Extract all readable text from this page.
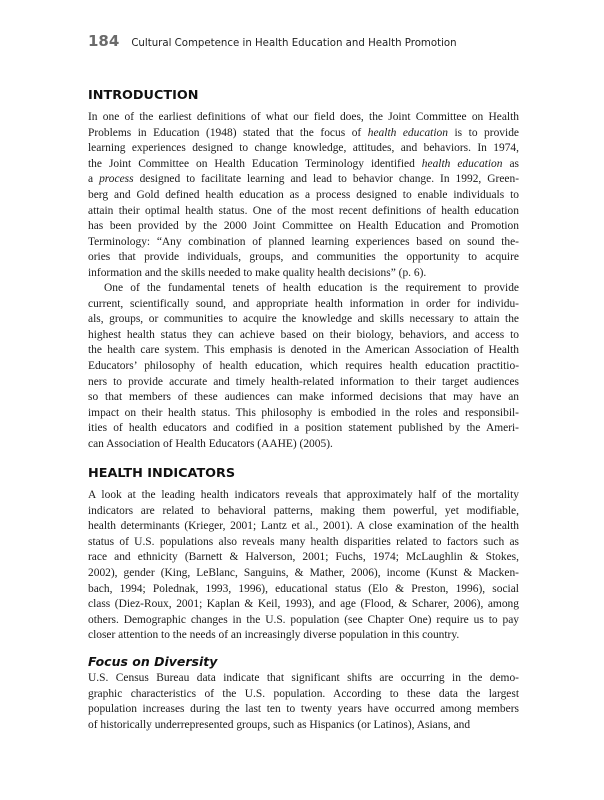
184 Cultural Competence in Health Education and Health Promotion
INTRODUCTION
In one of the earliest definitions of what our field does, the Joint Committee on Health
Problems in Education (1948) stated that the focus of health education is to provide
learning experiences designed to change knowledge, attitudes, and behaviors. In 1974,
the Joint Committee on Health Education Terminology identified health education as
a process designed to facilitate learning and lead to behavior change. In 1992, Green-
berg and Gold defined health education as a process designed to enable individuals to
attain their optimal health status. One of the most recent definitions of health education
has been provided by the 2000 Joint Committee on Health Education and Promotion
Terminology: “Any combination of planned learning experiences based on sound the-
ories that provide individuals, groups, and communities the opportunity to acquire
information and the skills needed to make quality health decisions” (p. 6).
One of the fundamental tenets of health education is the requirement to provide
current, scientifically sound, and appropriate health information in order for individu-
als, groups, or communities to acquire the knowledge and skills necessary to attain the
highest health status they can achieve based on their biology, behaviors, and access to
the health care system. This emphasis is denoted in the American Association of Health
Educators’ philosophy of health education, which requires health education practitio-
ners to provide accurate and timely health-related information to their target audiences
so that members of these audiences can make informed decisions that may have an
impact on their health status. This philosophy is embodied in the roles and responsibil-
ities of health educators and codified in a position statement published by the Ameri-
can Association of Health Educators (AAHE) (2005).
HEALTH INDICATORS
A look at the leading health indicators reveals that approximately half of the mortality
indicators are related to behavioral patterns, making them powerful, yet modifiable,
health determinants (Krieger, 2001; Lantz et al., 2001). A close examination of the health
status of U.S. populations also reveals many health disparities related to factors such as
race and ethnicity (Barnett & Halverson, 2001; Fuchs, 1974; McLaughlin & Stokes,
2002), gender (King, LeBlanc, Sanguins, & Mather, 2006), income (Kunst & Macken-
bach, 1994; Polednak, 1993, 1996), educational status (Elo & Preston, 1996), social
class (Diez-Roux, 2001; Kaplan & Keil, 1993), and age (Flood, & Scharer, 2006), among
others. Demographic changes in the U.S. population (see Chapter One) require us to pay
closer attention to the needs of an increasingly diverse population in this country.
Focus on Diversity
U.S. Census Bureau data indicate that significant shifts are occurring in the demo-
graphic characteristics of the U.S. population. According to these data the largest
population increases during the last ten to twenty years have occurred among members
of historically underrepresented groups, such as Hispanics (or Latinos), Asians, and
